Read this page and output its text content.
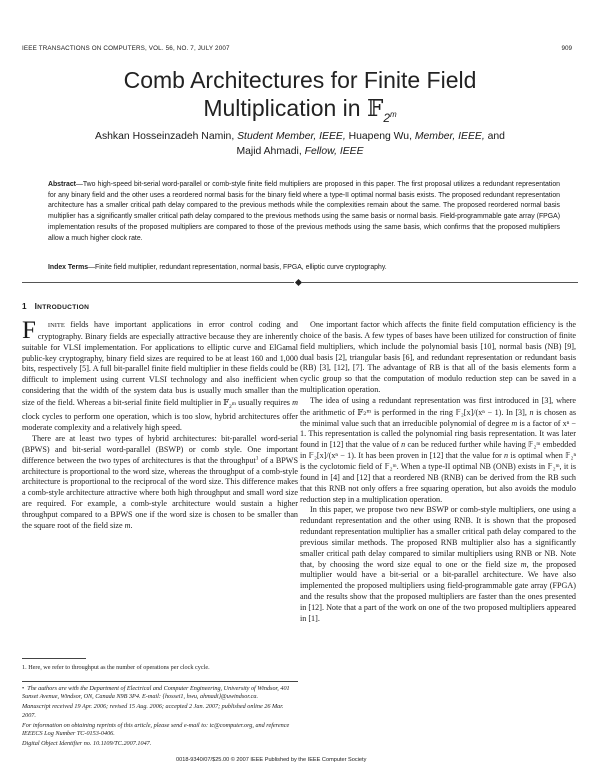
IEEE TRANSACTIONS ON COMPUTERS, VOL. 56, NO. 7, JULY 2007	909
Comb Architectures for Finite Field
Multiplication in 𝔽$_{2^m}$
Ashkan Hosseinzadeh Namin, Student Member, IEEE, Huapeng Wu, Member, IEEE, and
Majid Ahmadi, Fellow, IEEE
Abstract—Two high-speed bit-serial word-parallel or comb-style finite field multipliers are proposed in this paper. The first proposal utilizes a redundant representation for any binary field and the other uses a reordered normal basis for the binary field where a type-II optimal normal basis exists. The proposed redundant representation architecture has a smaller critical path delay compared to the previous methods while the complexities remain about the same. The proposed reordered normal basis multiplier has a significantly smaller critical path delay compared to the previous methods using the same basis or normal basis. Field-programmable gate array (FPGA) implementation results of the proposed multipliers are compared to those of the previous methods using the same basis, which confirms that the proposed multipliers allow a much higher clock rate.
Index Terms—Finite field multiplier, redundant representation, normal basis, FPGA, elliptic curve cryptography.
1 INTRODUCTION

F INITE fields have important applications in error control coding and cryptography. Binary fields are especially attractive because they are inherently suitable for VLSI implementation. For applications to elliptic curve and ElGamal public-key cryptography, binary field sizes are required to be at least 160 and 1,000 bits, respectively [5]. A full bit-parallel finite field multiplier in these fields could be difficult to implement using current VLSI technology and also inefficient when considering that the width of the system data bus is usually much smaller than the size of the field. Whereas a bit-serial finite field multiplier in 𝔽$_{2^m}$ usually requires m clock cycles to perform one operation, which is too slow, hybrid architectures offer moderate complexity and a relatively high speed.

There are at least two types of hybrid architectures: bit-parallel word-serial (BPWS) and bit-serial word-parallel (BSWP) or comb style. One important difference between the two types of architectures is that the throughput$^1$ of a BPWS architecture is proportional to the word size, whereas the throughput of a comb-style architecture is proportional to the reciprocal of the word size. This difference makes a comb-style architecture attractive where both high throughput and small word size are required. For example, a comb-style architecture would sustain a higher throughput compared to a BPWS one if the word size is chosen to be smaller than the square root of the field size m.

1. Here, we refer to throughput as the number of operations per clock cycle.
• The authors are with the Department of Electrical and Computer Engineering, University of Windsor, 401 Sunset Avenue, Windsor, ON, Canada N9B 3P4. E-mail: {hossei1, hwu, ahmadi}@uwindsor.ca.
Manuscript received 19 Apr. 2006; revised 15 Aug. 2006; accepted 2 Jan. 2007; published online 26 Mar. 2007.
For information on obtaining reprints of this article, please send e-mail to: tc@computer.org, and reference IEEECS Log Number TC-0153-0406.
Digital Object Identifier no. 10.1109/TC.2007.1047.

One important factor which affects the finite field computation efficiency is the choice of the basis. A few types of bases have been utilized for construction of finite field multipliers, which include the polynomial basis [10], normal basis (NB) [9], dual basis [2], triangular basis [6], and redundant representation or redundant basis (RB) [3], [12], [7]. The advantage of RB is that all of the basis elements form a cyclic group so that the computation of modulo reduction step can be saved in a multiplication operation.

The idea of using a redundant representation was first introduced in [3], where the arithmetic of 𝔽₂ᵐ is performed in the ring 𝔽₂[x]/(xⁿ − 1). In [3], n is chosen as the minimal value such that an irreducible polynomial of degree m is a factor of xⁿ − 1. This representation is called the polynomial ring basis representation. It was later found in [12] that the value of n can be reduced further while having 𝔽₂ᵐ embedded in 𝔽₂[x]/(xⁿ − 1). It has been proven in [12] that the value for n is optimal when 𝔽₂ⁿ is the cyclotomic field of 𝔽₂ᵐ. When a type-II optimal NB (ONB) exists in 𝔽₂ᵐ, it is found in [4] and [12] that a reordered NB (RNB) can be derived from the RB such that this RNB not only offers a free squaring operation, but also avoids the modulo reduction step in a multiplication operation.

In this paper, we propose two new BSWP or comb-style multipliers, one using a redundant representation and the other using RNB. It is shown that the proposed redundant representation multiplier has a smaller critical path delay compared to the previous similar methods. The proposed RNB multiplier also has a significantly smaller critical path delay compared to similar multipliers using RNB or NB. Note that, by choosing the word size equal to one or the field size m, the proposed multiplier would have a bit-serial or a bit-parallel architecture. We have also implemented the proposed multipliers using field-programmable gate array (FPGA) and the results show that the proposed multipliers are faster than the ones presented in [12]. Note that a part of the work on one of the two proposed multipliers appeared in [1].

0018-9340/07/$25.00 © 2007 IEEE Published by the IEEE Computer Society
